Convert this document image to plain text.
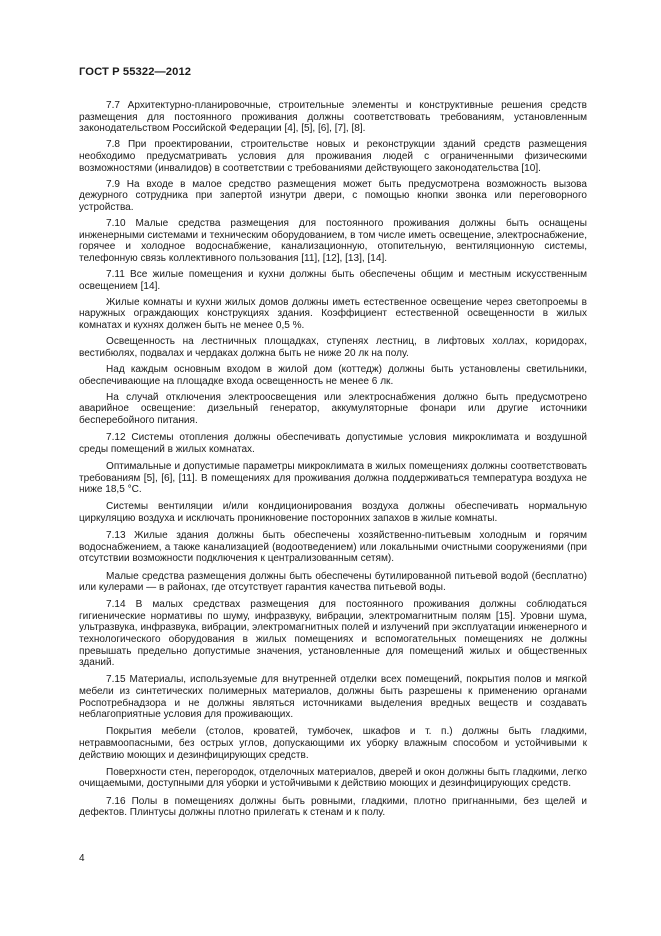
ГОСТ Р 55322—2012

7.7 Архитектурно-планировочные, строительные элементы и конструктивные решения средств размещения для постоянного проживания должны соответствовать требованиям, установленным законодательством Российской Федерации [4], [5], [6], [7], [8].

7.8 При проектировании, строительстве новых и реконструкции зданий средств размещения необходимо предусматривать условия для проживания людей с ограниченными физическими возможностями (инвалидов) в соответствии с требованиями действующего законодательства [10].

7.9 На входе в малое средство размещения может быть предусмотрена возможность вызова дежурного сотрудника при запертой изнутри двери, с помощью кнопки звонка или переговорного устройства.

7.10 Малые средства размещения для постоянного проживания должны быть оснащены инженерными системами и техническим оборудованием, в том числе иметь освещение, электроснабжение, горячее и холодное водоснабжение, канализационную, отопительную, вентиляционную системы, телефонную связь коллективного пользования [11], [12], [13], [14].

7.11 Все жилые помещения и кухни должны быть обеспечены общим и местным искусственным освещением [14].

Жилые комнаты и кухни жилых домов должны иметь естественное освещение через светопроемы в наружных ограждающих конструкциях здания. Коэффициент естественной освещенности в жилых комнатах и кухнях должен быть не менее 0,5 %.

Освещенность на лестничных площадках, ступенях лестниц, в лифтовых холлах, коридорах, вестибюлях, подвалах и чердаках должна быть не ниже 20 лк на полу.

Над каждым основным входом в жилой дом (коттедж) должны быть установлены светильники, обеспечивающие на площадке входа освещенность не менее 6 лк.

На случай отключения электроосвещения или электроснабжения должно быть предусмотрено аварийное освещение: дизельный генератор, аккумуляторные фонари или другие источники бесперебойного питания.

7.12 Системы отопления должны обеспечивать допустимые условия микроклимата и воздушной среды помещений в жилых комнатах.

Оптимальные и допустимые параметры микроклимата в жилых помещениях должны соответствовать требованиям [5], [6], [11]. В помещениях для проживания должна поддерживаться температура воздуха не ниже 18,5 °С.

Системы вентиляции и/или кондиционирования воздуха должны обеспечивать нормальную циркуляцию воздуха и исключать проникновение посторонних запахов в жилые комнаты.

7.13 Жилые здания должны быть обеспечены хозяйственно-питьевым холодным и горячим водоснабжением, а также канализацией (водоотведением) или локальными очистными сооружениями (при отсутствии возможности подключения к централизованным сетям).

Малые средства размещения должны быть обеспечены бутилированной питьевой водой (бесплатно) или кулерами — в районах, где отсутствует гарантия качества питьевой воды.

7.14 В малых средствах размещения для постоянного проживания должны соблюдаться гигиенические нормативы по шуму, инфразвуку, вибрации, электромагнитным полям [15]. Уровни шума, ультразвука, инфразвука, вибрации, электромагнитных полей и излучений при эксплуатации инженерного и технологического оборудования в жилых помещениях и вспомогательных помещениях не должны превышать предельно допустимые значения, установленные для помещений жилых и общественных зданий.

7.15 Материалы, используемые для внутренней отделки всех помещений, покрытия полов и мягкой мебели из синтетических полимерных материалов, должны быть разрешены к применению органами Роспотребнадзора и не должны являться источниками выделения вредных веществ и создавать неблагоприятные условия для проживающих.

Покрытия мебели (столов, кроватей, тумбочек, шкафов и т. п.) должны быть гладкими, нетравмоопасными, без острых углов, допускающими их уборку влажным способом и устойчивыми к действию моющих и дезинфицирующих средств.

Поверхности стен, перегородок, отделочных материалов, дверей и окон должны быть гладкими, легко очищаемыми, доступными для уборки и устойчивыми к действию моющих и дезинфицирующих средств.

7.16 Полы в помещениях должны быть ровными, гладкими, плотно пригнанными, без щелей и дефектов. Плинтусы должны плотно прилегать к стенам и к полу.

4
